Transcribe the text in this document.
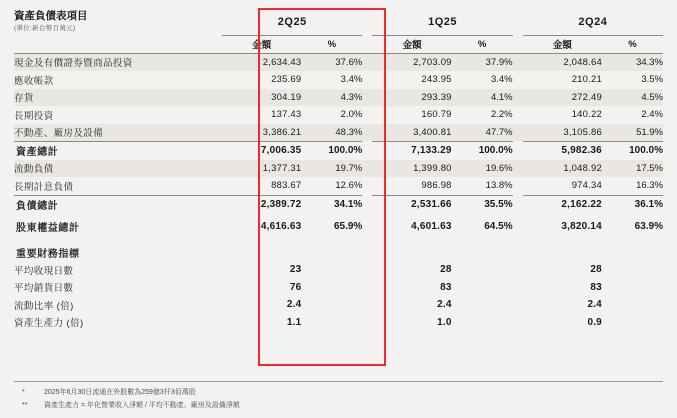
資產負債表項目
(單位:新台幣百萬元)	2Q25			1Q25			2Q24	
	金額	%		金額	%		金額	%
現金及有價證券暨商品投資	2,634.43	37.6%		2,703.09	37.9%		2,048.64	34.3%
應收帳款	235.69	3.4%		243.95	3.4%		210.21	3.5%
存貨	304.19	4.3%		293.39	4.1%		272.49	4.5%
長期投資	137.43	2.0%		160.79	2.2%		140.22	2.4%
不動產、廠房及設備	3,386.21	48.3%		3,400.81	47.7%		3,105.86	51.9%

資產總計	7,006.35	100.0%		7,133.29	100.0%		5,982.36	100.0%
流動負債	1,377.31	19.7%		1,399.80	19.6%		1,048.92	17.5%
長期計息負債	883.67	12.6%		986.98	13.8%		974.34	16.3%

負債總計	2,389.72	34.1%		2,531.66	35.5%		2,162.22	36.1%

股東權益總計	4,616.63	65.9%		4,601.63	64.5%		3,820.14	63.9%

重要財務指標								
平均收現日數	23			28			28	
平均銷貨日數	76			83			83	
流動比率 (倍)	2.4			2.4			2.4	
資產生產力 (倍)	1.1			1.0			0.9	
*	2025年6月30日流通在外股數為259億3仟3佰萬股
** 資產生產力 = 年化營業收入淨額 / 平均不動產、廠房及設備淨額
